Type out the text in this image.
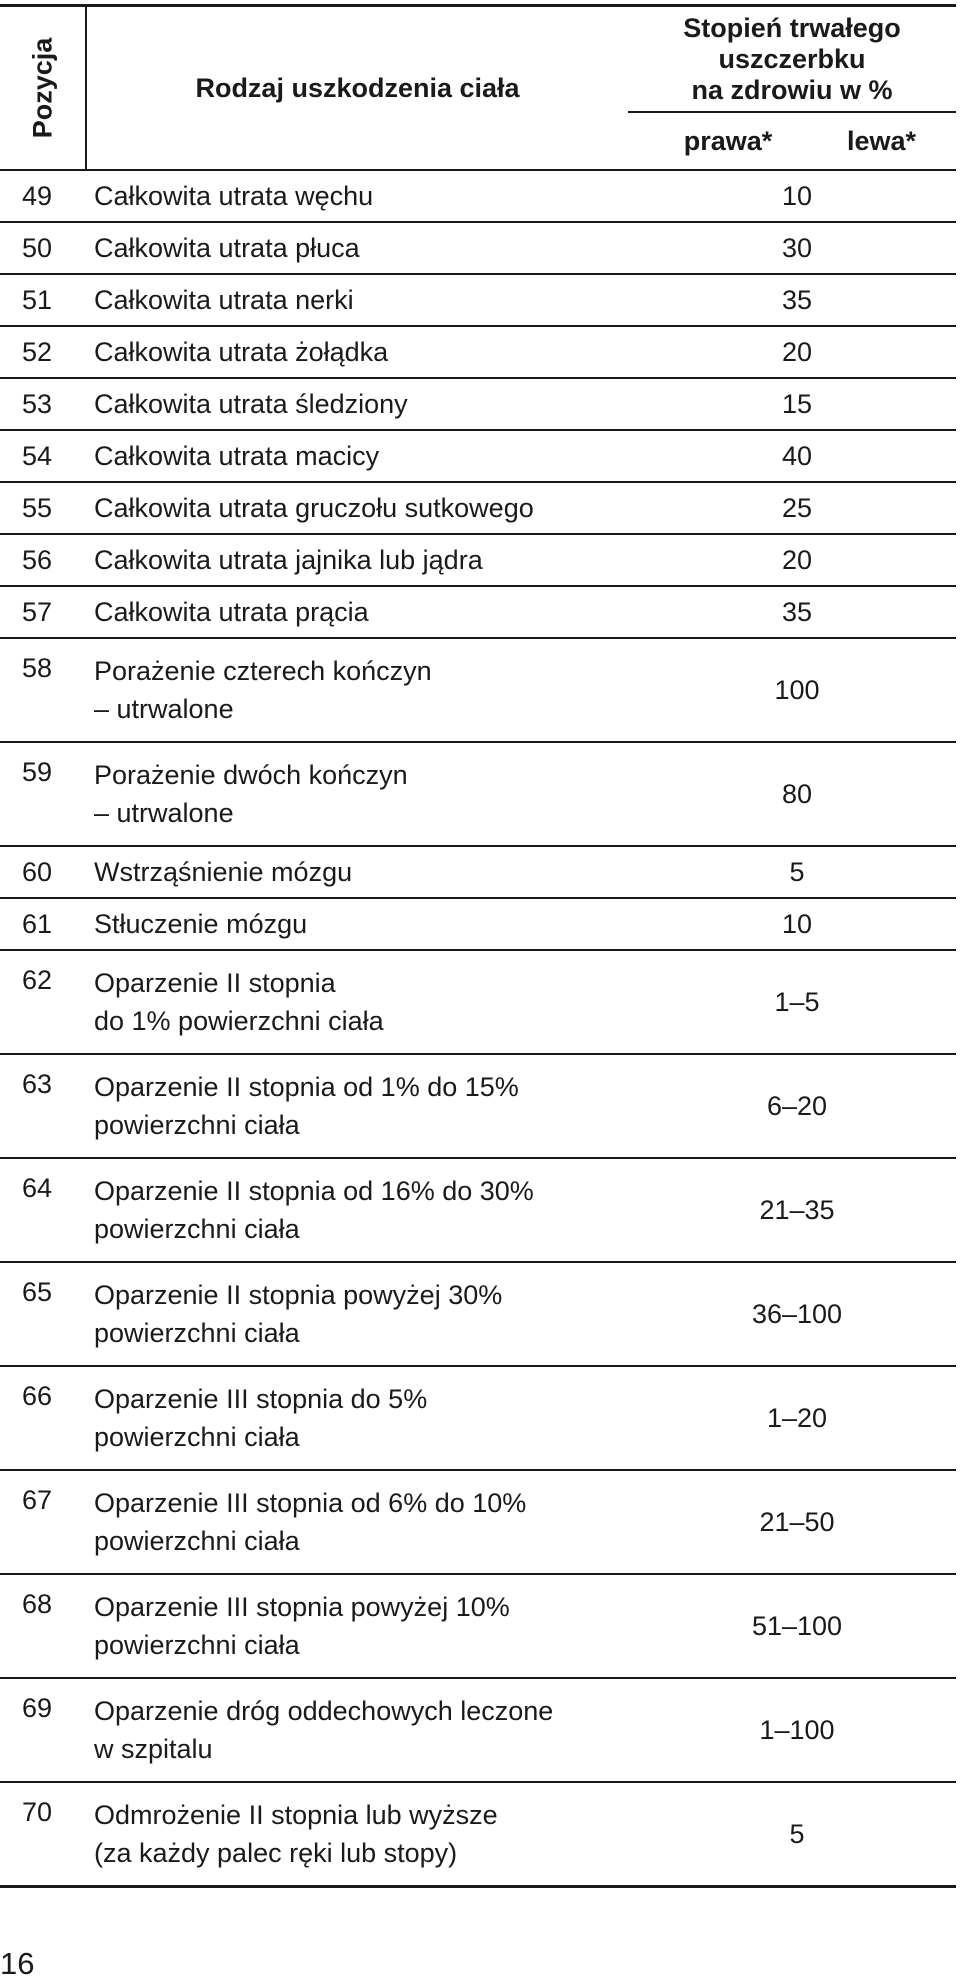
Pozycja	Rodzaj uszkodzenia ciała	Stopień trwałego
uszczerbku
na zdrowiu w %	

		prawa*	lewa*
49	Całkowita utrata węchu	10	
50	Całkowita utrata płuca	30	
51	Całkowita utrata nerki	35	
52	Całkowita utrata żołądka	20	
53	Całkowita utrata śledziony	15	
54	Całkowita utrata macicy	40	
55	Całkowita utrata gruczołu sutkowego	25	
56	Całkowita utrata jajnika lub jądra	20	
57	Całkowita utrata prącia	35	
58	Porażenie czterech kończyn
– utrwalone	100	
59	Porażenie dwóch kończyn
– utrwalone	80	
60	Wstrząśnienie mózgu	5	
61	Stłuczenie mózgu	10	
62	Oparzenie II stopnia
do 1% powierzchni ciała	1–5	
63	Oparzenie II stopnia od 1% do 15%
powierzchni ciała	6–20	
64	Oparzenie II stopnia od 16% do 30%
powierzchni ciała	21–35	
65	Oparzenie II stopnia powyżej 30%
powierzchni ciała	36–100	
66	Oparzenie III stopnia do 5%
powierzchni ciała	1–20	
67	Oparzenie III stopnia od 6% do 10%
powierzchni ciała	21–50	
68	Oparzenie III stopnia powyżej 10%
powierzchni ciała	51–100	
69	Oparzenie dróg oddechowych leczone
w szpitalu	1–100	
70	Odmrożenie II stopnia lub wyższe
(za każdy palec ręki lub stopy)	5	
16
